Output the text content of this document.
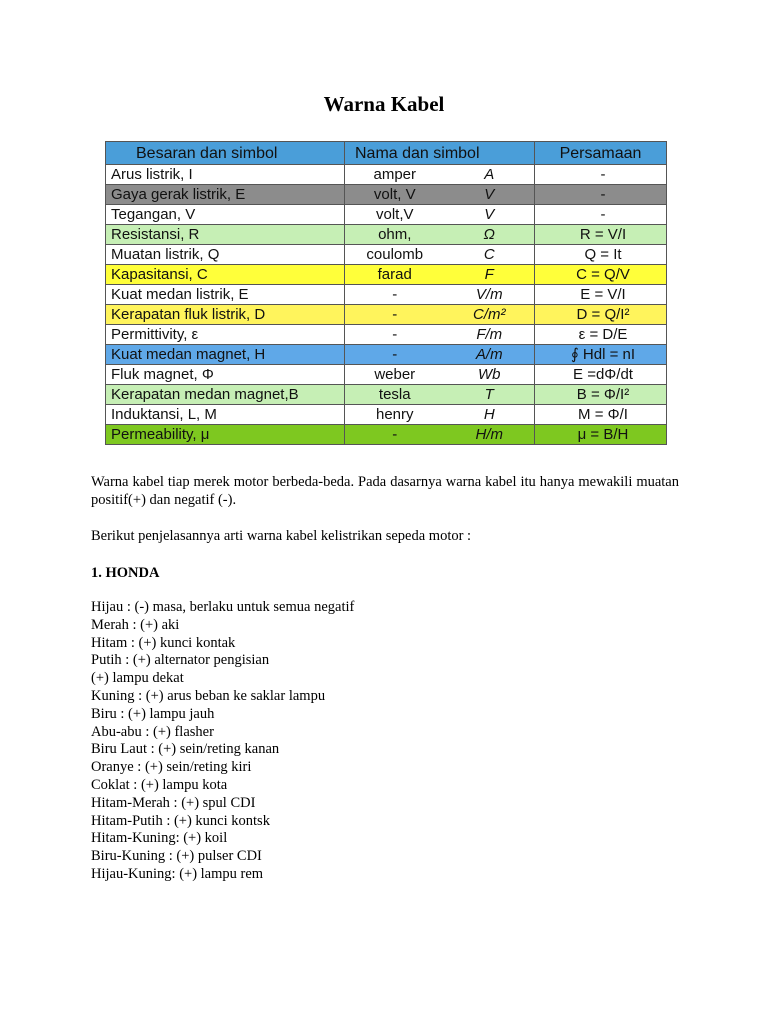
Warna Kabel
Besaran dan simbol	Nama dan simbol		Persamaan
Arus listrik, I	amper	A	-
Gaya gerak listrik, E	volt, V	V	-
Tegangan, V	volt,V	V	-
Resistansi, R	ohm,	Ω	R = V/I
Muatan listrik, Q	coulomb	C	Q = It
Kapasitansi, C	farad	F	C = Q/V
Kuat medan listrik, E	-	V/m	E = V/I
Kerapatan fluk listrik, D	-	C/m²	D = Q/I²
Permittivity, ε	-	F/m	ε = D/E
Kuat medan magnet, H	-	A/m	∮ Hdl = nI
Fluk magnet, Φ	weber	Wb	E =dΦ/dt
Kerapatan medan magnet,B	tesla	T	B = Φ/I²
Induktansi, L, M	henry	H	M = Φ/I
Permeability, μ	-	H/m	μ = B/H
Warna kabel tiap merek motor berbeda-beda. Pada dasarnya warna kabel itu hanya mewakili muatan positif(+) dan negatif (-).
Berikut penjelasannya arti warna kabel kelistrikan sepeda motor :
1. HONDA
Hijau : (-) masa, berlaku untuk semua negatif
Merah : (+) aki
Hitam : (+) kunci kontak
Putih : (+) alternator pengisian
(+) lampu dekat
Kuning : (+) arus beban ke saklar lampu
Biru : (+) lampu jauh
Abu-abu : (+) flasher
Biru Laut : (+) sein/reting kanan
Oranye : (+) sein/reting kiri
Coklat : (+) lampu kota
Hitam-Merah : (+) spul CDI
Hitam-Putih : (+) kunci kontsk
Hitam-Kuning: (+) koil
Biru-Kuning : (+) pulser CDI
Hijau-Kuning: (+) lampu rem
